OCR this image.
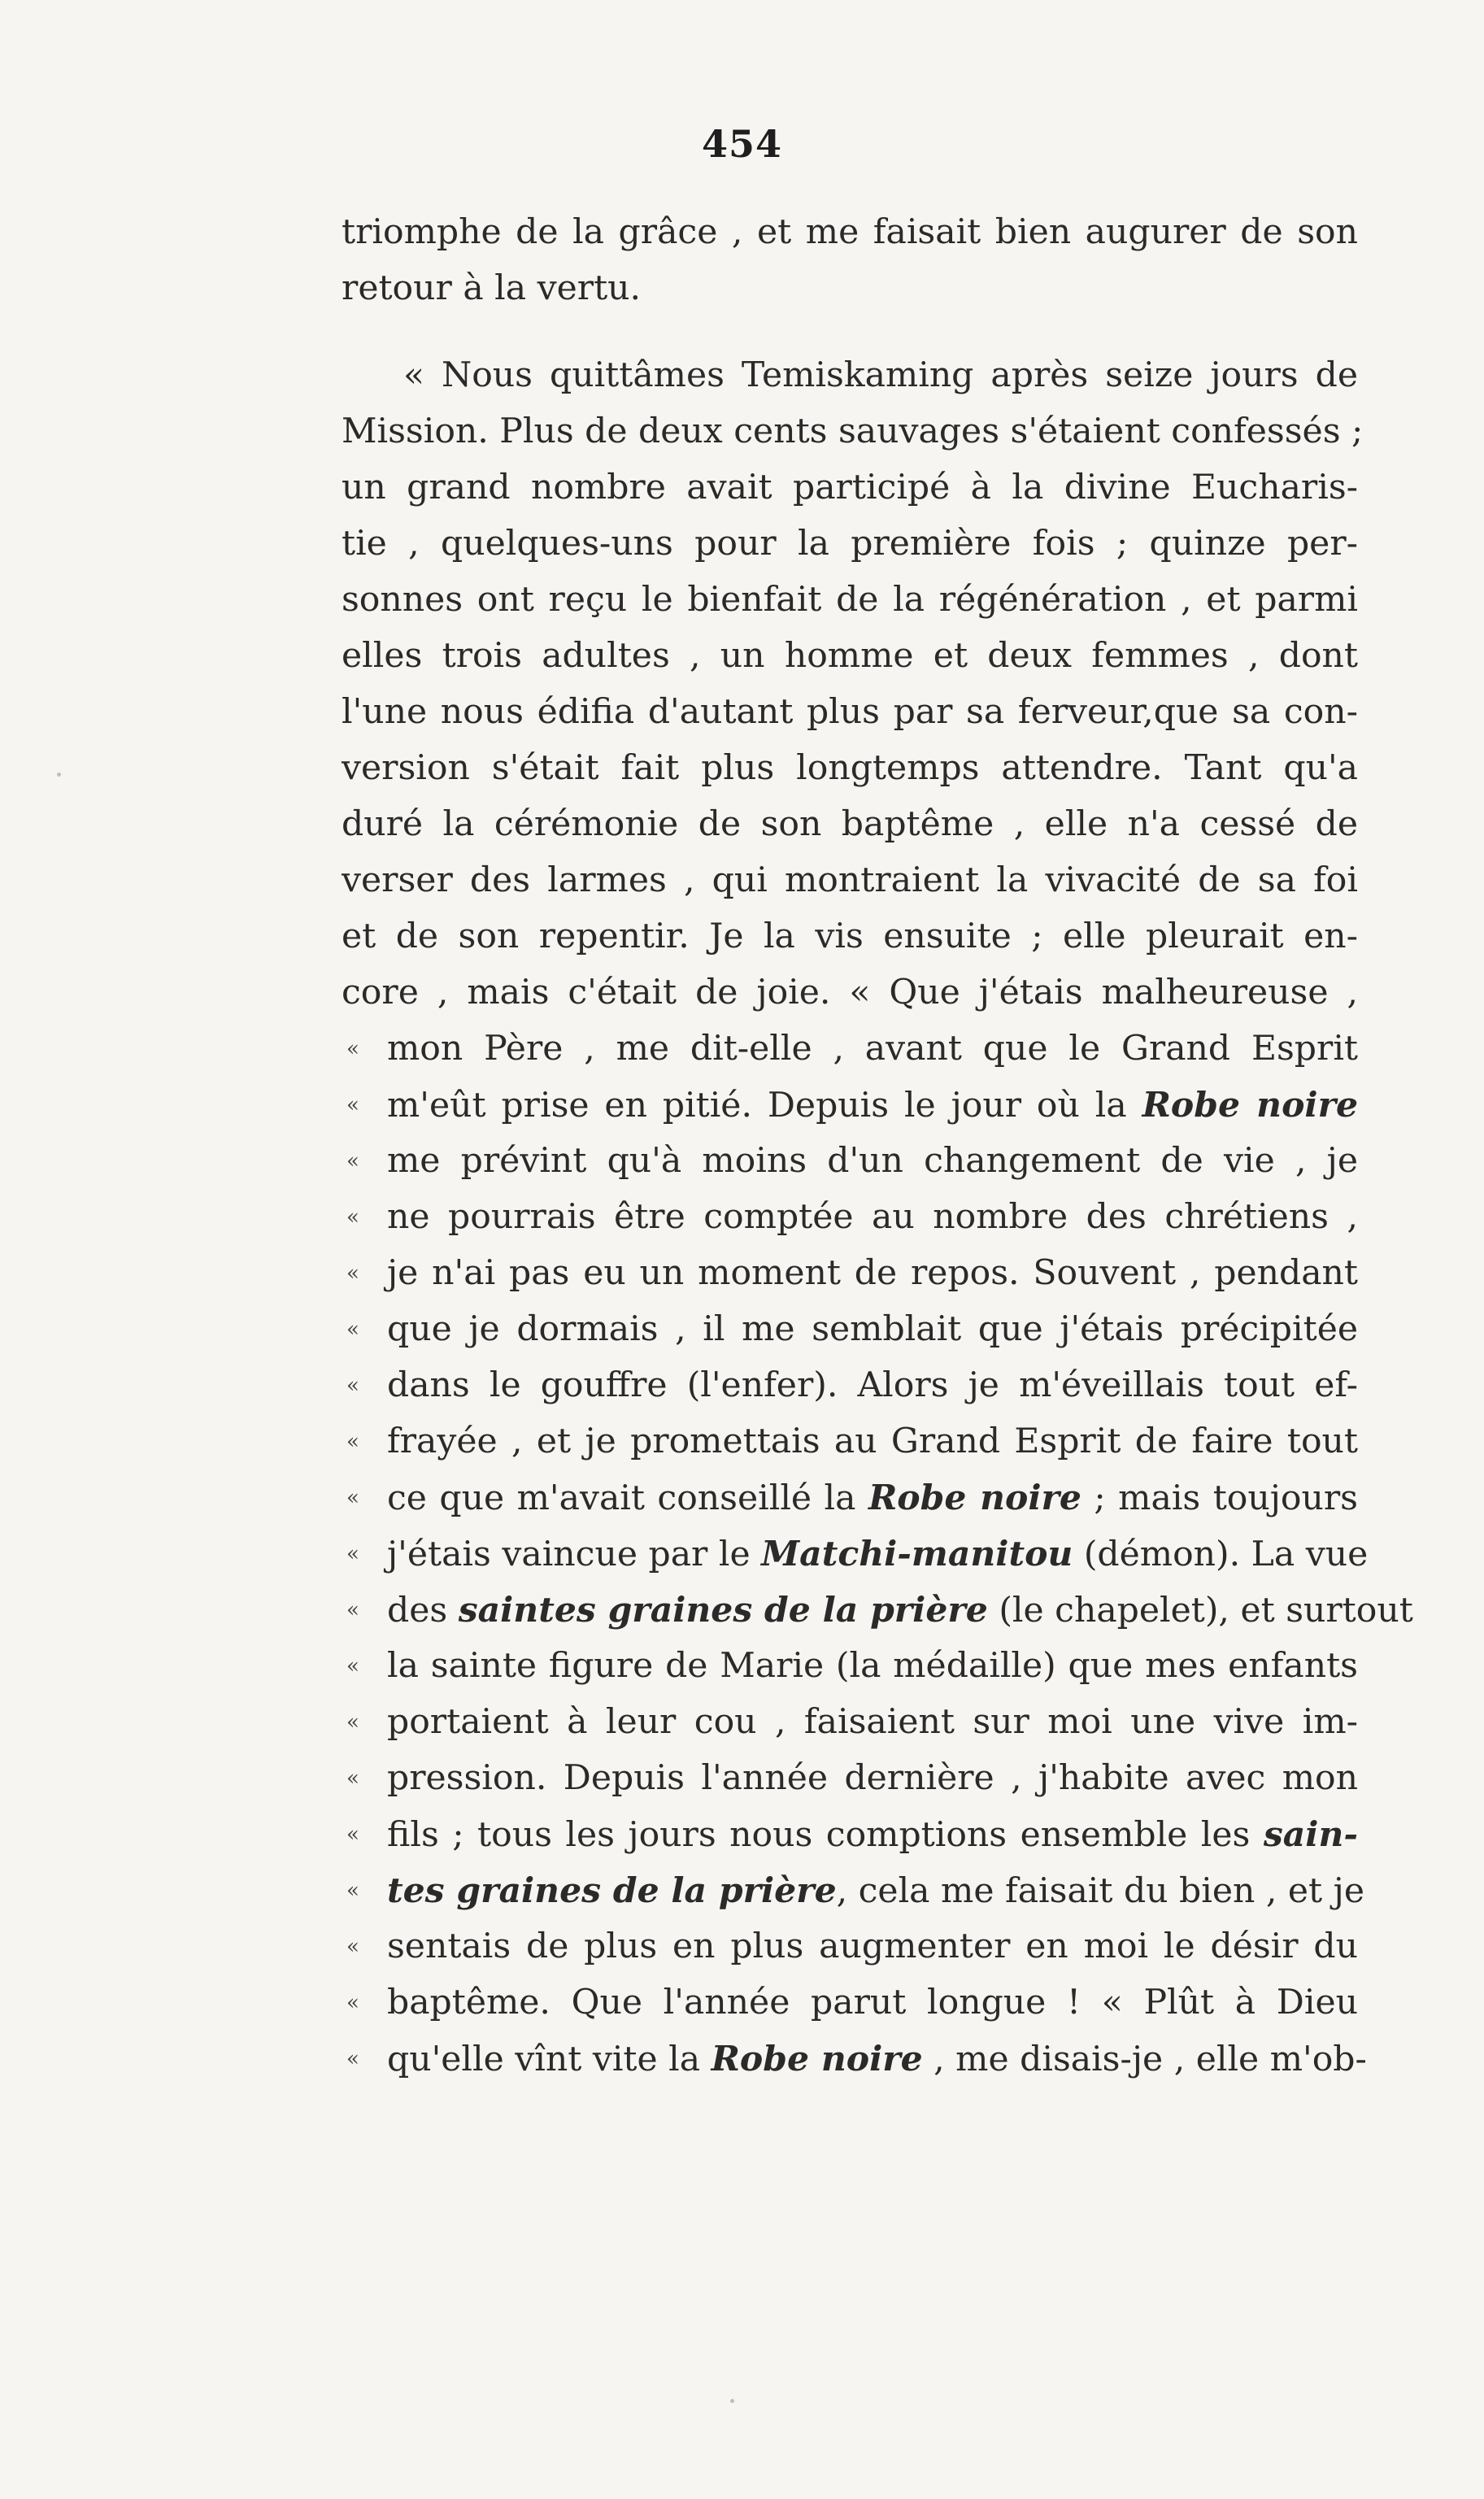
454
triomphe de la grâce , et me faisait bien augurer de son
retour à la vertu.
« Nous quittâmes Temiskaming après seize jours de
Mission. Plus de deux cents sauvages s'étaient confessés ;
un grand nombre avait participé à la divine Eucharis-
tie , quelques-uns pour la première fois ; quinze per-
sonnes ont reçu le bienfait de la régénération , et parmi
elles trois adultes , un homme et deux femmes , dont
l'une nous édifia d'autant plus par sa ferveur,que sa con-
version s'était fait plus longtemps attendre. Tant qu'a
duré la cérémonie de son baptême , elle n'a cessé de
verser des larmes , qui montraient la vivacité de sa foi
et de son repentir. Je la vis ensuite ; elle pleurait en-
core , mais c'était de joie. « Que j'étais malheureuse ,
« mon Père , me dit-elle , avant que le Grand Esprit
« m'eût prise en pitié. Depuis le jour où la Robe noire
« me prévint qu'à moins d'un changement de vie , je
« ne pourrais être comptée au nombre des chrétiens ,
« je n'ai pas eu un moment de repos. Souvent , pendant
« que je dormais , il me semblait que j'étais précipitée
« dans le gouffre (l'enfer). Alors je m'éveillais tout ef-
« frayée , et je promettais au Grand Esprit de faire tout
« ce que m'avait conseillé la Robe noire ; mais toujours
« j'étais vaincue par le Matchi-manitou (démon). La vue
« des saintes graines de la prière (le chapelet), et surtout
« la sainte figure de Marie (la médaille) que mes enfants
« portaient à leur cou , faisaient sur moi une vive im-
« pression. Depuis l'année dernière , j'habite avec mon
« fils ; tous les jours nous comptions ensemble les sain-
« tes graines de la prière, cela me faisait du bien , et je
« sentais de plus en plus augmenter en moi le désir du
« baptême. Que l'année parut longue ! « Plût à Dieu
« qu'elle vînt vite la Robe noire , me disais-je , elle m'ob-
